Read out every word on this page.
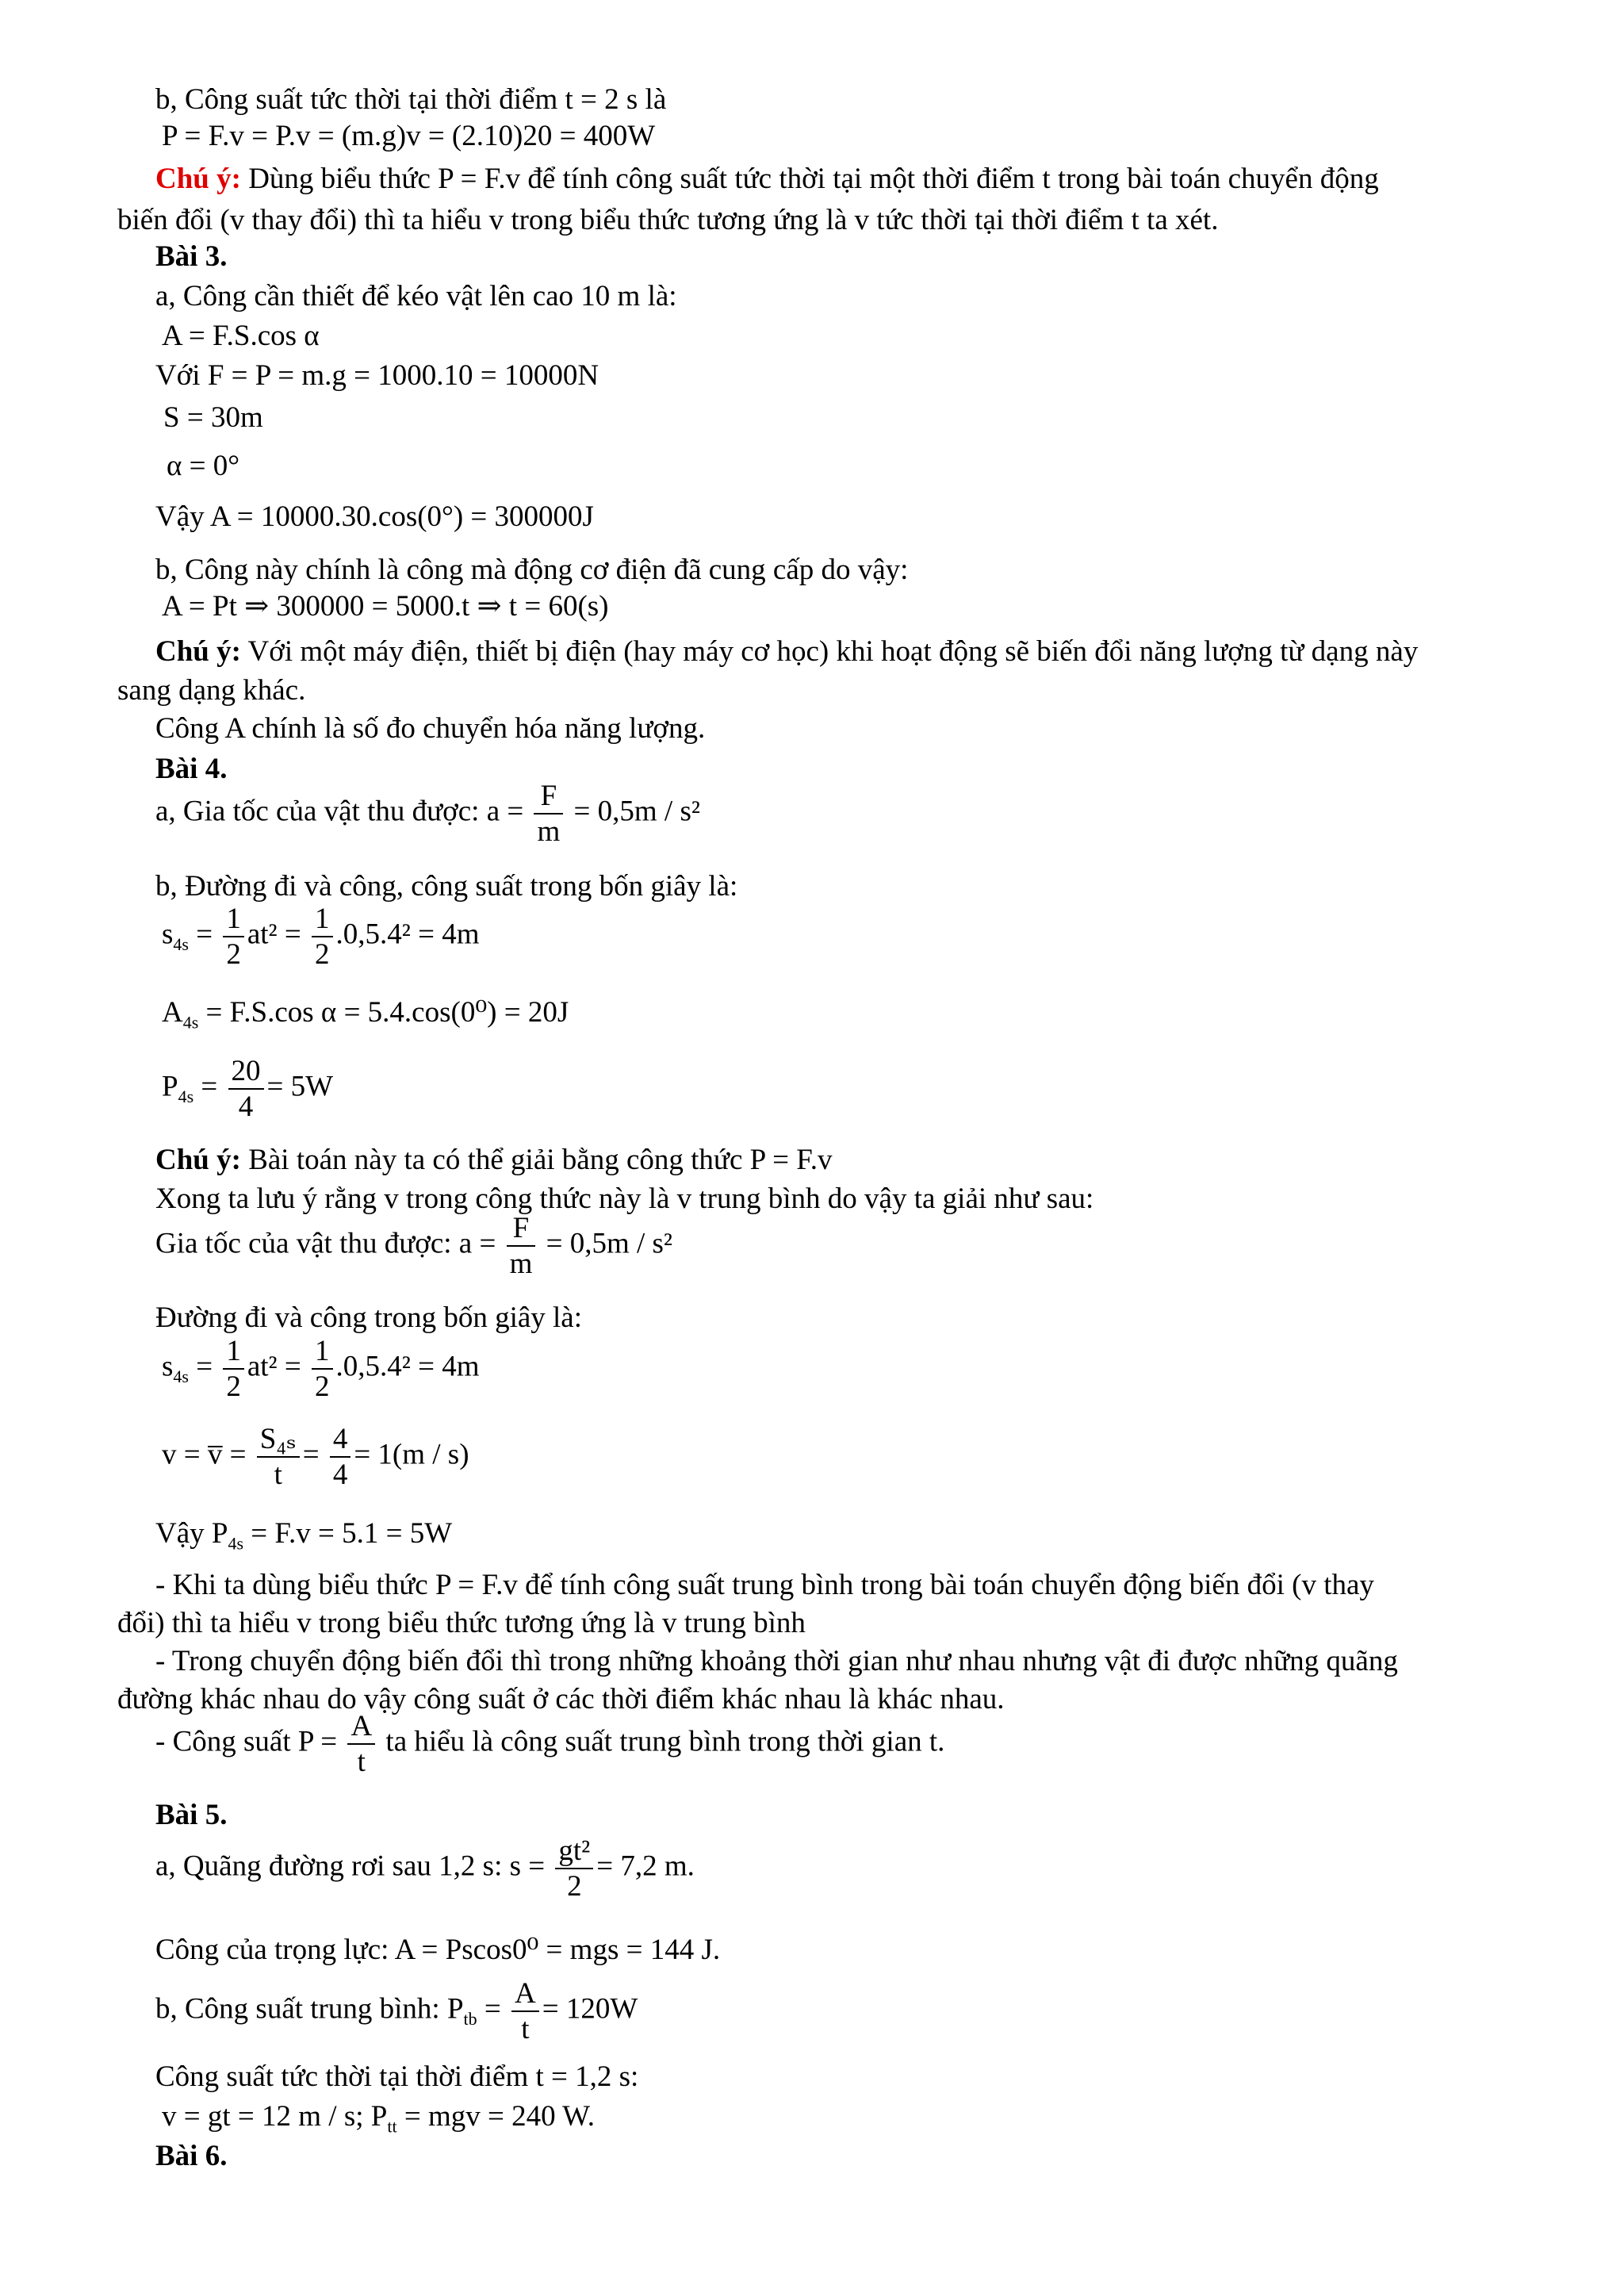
b, Công suất tức thời tại thời điểm t = 2 s là
P = F.v = P.v = (m.g)v = (2.10)20 = 400W
Chú ý: Dùng biểu thức P = F.v để tính công suất tức thời tại một thời điểm t trong bài toán chuyển động
biến đổi (v thay đổi) thì ta hiểu v trong biểu thức tương ứng là v tức thời tại thời điểm t ta xét.
Bài 3.
a, Công cần thiết để kéo vật lên cao 10 m là:
A = F.S.cos α
Với F = P = m.g = 1000.10 = 10000N
S = 30m
α = 0°
Vậy A = 10000.30.cos(0°) = 300000J
b, Công này chính là công mà động cơ điện đã cung cấp do vậy:
A = Pt ⇒ 300000 = 5000.t ⇒ t = 60(s)
Chú ý: Với một máy điện, thiết bị điện (hay máy cơ học) khi hoạt động sẽ biến đổi năng lượng từ dạng này
sang dạng khác.
Công A chính là số đo chuyển hóa năng lượng.
Bài 4.
a, Gia tốc của vật thu được: $a = \frac{F}{m} = 0,5m / s^2$
b, Đường đi và công, công suất trong bốn giây là:
$s_{4s} = \frac{1}{2} at^2 = \frac{1}{2} .0,5.4^2 = 4m$
$A_{4s} = F.S.\cos$ α = 5.4.cos(0⁰) = 20J
$P_{4s} = \frac{20}{4} = 5W$
Chú ý: Bài toán này ta có thể giải bằng công thức P = F.v
Xong ta lưu ý rằng v trong công thức này là v trung bình do vậy ta giải như sau:
Gia tốc của vật thu được: $a = \frac{F}{m} = 0,5m / s^2$
Đường đi và công trong bốn giây là:
$s_{4s} = \frac{1}{2} at^2 = \frac{1}{2} .0,5.4^2 = 4m$
v = v̅ = $\frac{\text{S₄ₛ}}{t} = \frac{4}{4} = 1(m / s)$
Vậy $P_{4s} = F.v = 5.1 = 5W$
- Khi ta dùng biểu thức P = F.v để tính công suất trung bình trong bài toán chuyển động biến đổi (v thay
đổi) thì ta hiểu v trong biểu thức tương ứng là v trung bình
- Trong chuyển động biến đổi thì trong những khoảng thời gian như nhau nhưng vật đi được những quãng
đường khác nhau do vậy công suất ở các thời điểm khác nhau là khác nhau.
- Công suất $P = \frac{A}{t}$ ta hiểu là công suất trung bình trong thời gian t.
Bài 5.
a, Quãng đường rơi sau 1,2 s: $s = \frac{\text{gt²}}{2} = 7,2$ m.
Công của trọng lực: A = Pscos0⁰ = mgs = 144 J.
b, Công suất trung bình: $P_{tb} = \frac{A}{t} = 120W$
Công suất tức thời tại thời điểm t = 1,2 s:
v = gt = 12 m / s; $P_{tt}$ = mgv = 240 W.
Bài 6.
